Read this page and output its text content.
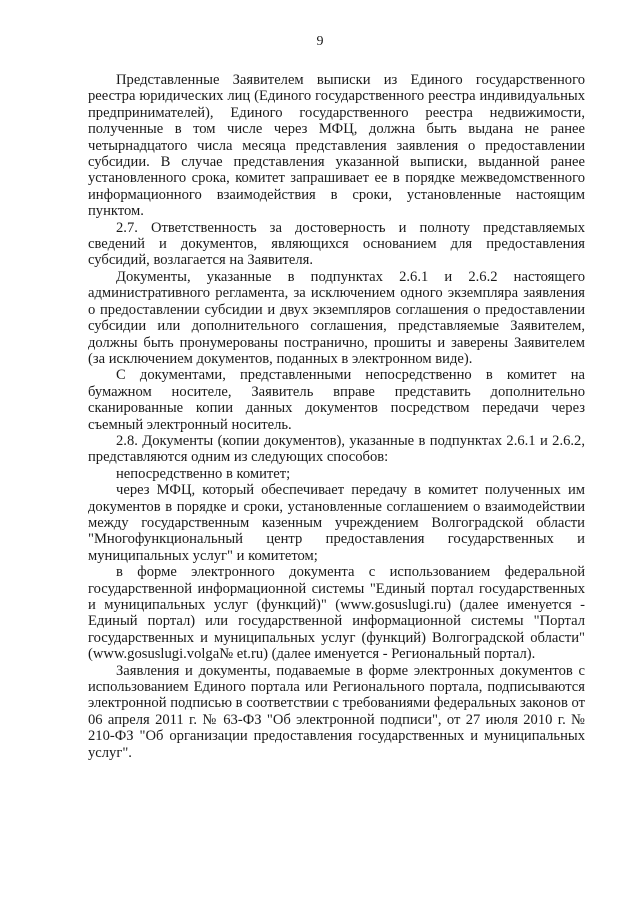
9

Представленные Заявителем выписки из Единого государственного реестра юридических лиц (Единого государственного реестра индивидуальных предпринимателей), Единого государственного реестра недвижимости, полученные в том числе через МФЦ, должна быть выдана не ранее четырнадцатого числа месяца представления заявления о предоставлении субсидии. В случае представления указанной выписки, выданной ранее установленного срока, комитет запрашивает ее в порядке межведомственного информационного взаимодействия в сроки, установленные настоящим пунктом.

2.7. Ответственность за достоверность и полноту представляемых сведений и документов, являющихся основанием для предоставления субсидий, возлагается на Заявителя.

Документы, указанные в подпунктах 2.6.1 и 2.6.2 настоящего административного регламента, за исключением одного экземпляра заявления о предоставлении субсидии и двух экземпляров соглашения о предоставлении субсидии или дополнительного соглашения, представляемые Заявителем, должны быть пронумерованы постранично, прошиты и заверены Заявителем (за исключением документов, поданных в электронном виде).

С документами, представленными непосредственно в комитет на бумажном носителе, Заявитель вправе представить дополнительно сканированные копии данных документов посредством передачи через съемный электронный носитель.

2.8. Документы (копии документов), указанные в подпунктах 2.6.1 и 2.6.2, представляются одним из следующих способов:

непосредственно в комитет;

через МФЦ, который обеспечивает передачу в комитет полученных им документов в порядке и сроки, установленные соглашением о взаимодействии между государственным казенным учреждением Волгоградской области "Многофункциональный центр предоставления государственных и муниципальных услуг" и комитетом;

в форме электронного документа с использованием федеральной государственной информационной системы "Единый портал государственных и муниципальных услуг (функций)" (www.gosuslugi.ru) (далее именуется - Единый портал) или государственной информационной системы "Портал государственных и муниципальных услуг (функций) Волгоградской области" (www.gosuslugi.volga№ et.ru) (далее именуется - Региональный портал).

Заявления и документы, подаваемые в форме электронных документов с использованием Единого портала или Регионального портала, подписываются электронной подписью в соответствии с требованиями федеральных законов от 06 апреля 2011 г. № 63-ФЗ "Об электронной подписи", от 27 июля 2010 г. № 210-ФЗ "Об организации предоставления государственных и муниципальных услуг".
